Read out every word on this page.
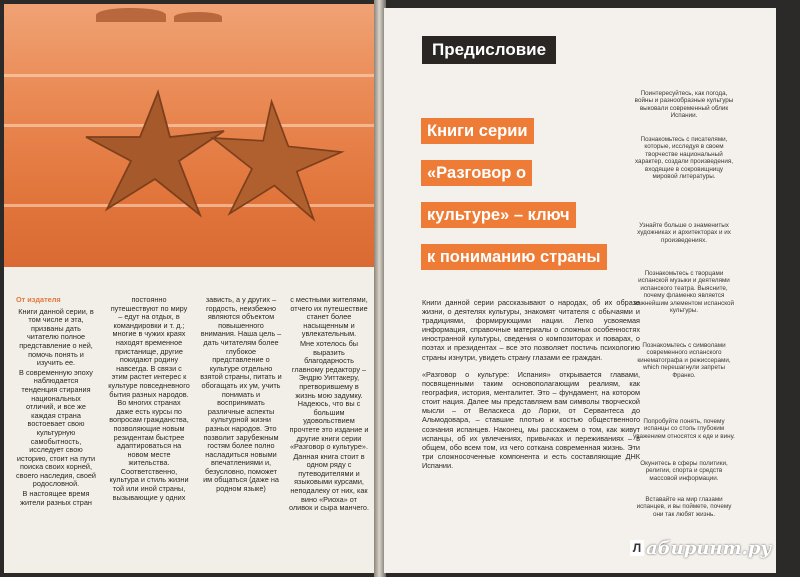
От издателя

Книги данной серии, в том числе и эта, призваны дать читателю полное представление о ней, помочь понять и изучить ее.

В современную эпоху наблюдается тенденция стирания национальных отличий, и все же каждая страна востоевает свою культурную самобытность, исследует свою историю, стоит на пути поиска своих корней, своего наследия, своей родословной.

В настоящее время жители разных стран

постоянно путешествуют по миру – едут на отдых, в командировки и т. д.; многие в чужих краях находят временное пристанище, другие покидают родину навсегда. В связи с этим растет интерес к культуре повседневного бытия разных народов. Во многих странах даже есть курсы по вопросам гражданства, позволяющие новым резидентам быстрее адаптироваться на новом месте жительства. Соответственно, культура и стиль жизни той или иной страны, вызывающие у одних

зависть, а у других – гордость, неизбежно являются объектом повышенного внимания. Наша цель – дать читателям более глубокое представление о культуре отдельно взятой страны, питать и обогащать их ум, учить понимать и воспринимать различные аспекты культурной жизни разных народов. Это позволит зарубежным гостям более полно насладиться новыми впечатлениями и, безусловно, поможет им общаться (даже на родном языке)

с местными жителями, отчего их путешествие станет более насыщенным и увлекательным.

Мне хотелось бы выразить благодарность главному редактору – Эндрю Уиттакеру, претворившему в жизнь мою задумку. Надеюсь, что вы с большим удовольствием прочтете это издание и другие книги серии «Разговор о культуре».

Данная книга стоит в одном ряду с путеводителями и языковыми курсами, неподалеку от них, как вино «Риоха» от оливок и сыра манчего.

Предисловие
Книги серии
«Разговор о
культуре» – ключ
к пониманию страны
Книги данной серии рассказывают о народах, об их образе жизни, о деятелях культуры, знакомят читателя с обычаями и традициями, формирующими нации. Легко усвояемая информация, справочные материалы о сложных особенностях иностранной культуры, сведения о композиторах и поварах, о поэтах и президентах – все это позволяет постичь психологию страны изнутри, увидеть страну глазами ее граждан.
«Разговор о культуре: Испания» открывается главами, посвященными таким основополагающим реалиям, как география, история, менталитет. Это – фундамент, на котором стоит нация. Далее мы представляем вам символы творческой мысли – от Веласкеса до Лорки, от Сервантеса до Альмодовара, – ставшие плотью и костью общественного сознания испанцев. Наконец, мы расскажем о том, как живут испанцы, об их увлечениях, привычках и переживаниях – в общем, обо всем том, из чего соткана современная жизнь. Эти три сложносоченные компонента и есть составляющие ДНК Испании.
Поинтересуйтесь, как погода, войны и разнообразные культуры выковали современный облик Испании.
Познакомьтесь с писателями, которые, исследуя в своем творчестве национальный характер, создали произведения, входящие в сокровищницу мировой литературы.
Узнайте больше о знаменитых художниках и архитекторах и их произведениях.
Познакомьтесь с творцами испанской музыки и деятелями испанского театра. Выясните, почему фламенко является важнейшим элементом испанской культуры.
Познакомьтесь с символами современного испанского кинематографа и режиссерами, which перешагнули запреты Франко.
Попробуйте понять, почему испанцы со столь глубоким уважением относятся к еде и вину.
Окунитесь в сферы политики, религии, спорта и средств массовой информации.
Вставайте на мир глазами испанцев, и вы поймете, почему они так любят жизнь.
Л абиринт.ру
